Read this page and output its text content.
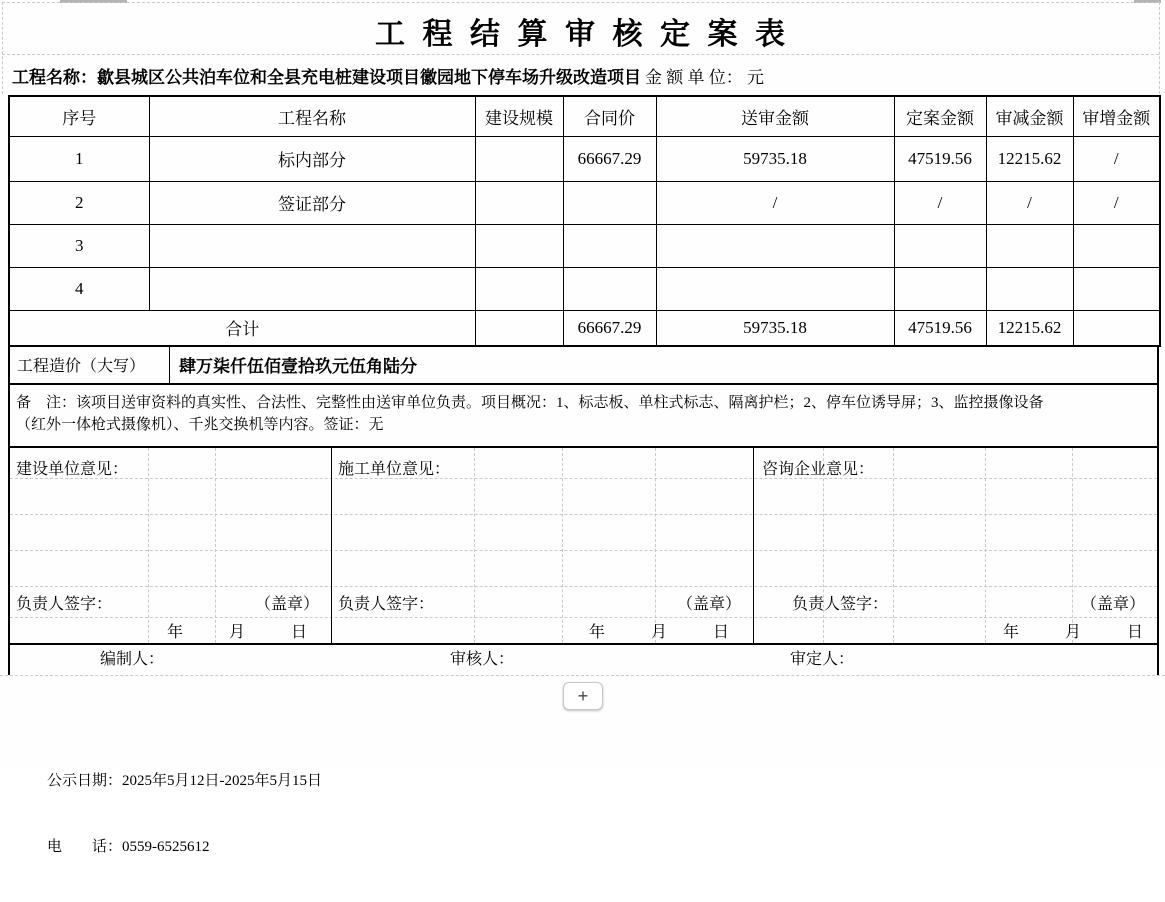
工 程 结 算 审 核 定 案 表
工程名称：歙县城区公共泊车位和全县充电桩建设项目徽园地下停车场升级改造项目 金 额 单 位： 元
序号	工程名称	建设规模	合同价	送审金额	定案金额	审减金额	审增金额
1	标内部分		66667.29	59735.18	47519.56	12215.62	/
2	签证部分			/	/	/	/
3							
4							
合计			66667.29	59735.18	47519.56	12215.62	
工程造价（大写）	肆万柒仟伍佰壹拾玖元伍角陆分
备　注：该项目送审资料的真实性、合法性、完整性由送审单位负责。项目概况：1、标志板、单柱式标志、隔离护栏；2、停车位诱导屏；3、监控摄像设备
（红外一体枪式摄像机）、千兆交换机等内容。签证：无
建设单位意见：
负责人签字：	（盖章）
年	月	日
施工单位意见：
负责人签字：	（盖章）
年	月	日
咨询企业意见：
负责人签字：	（盖章）
年	月	日
编制人：	审核人：	审定人：
+

公示日期：2025年5月12日-2025年5月15日

电　　话：0559-6525612
